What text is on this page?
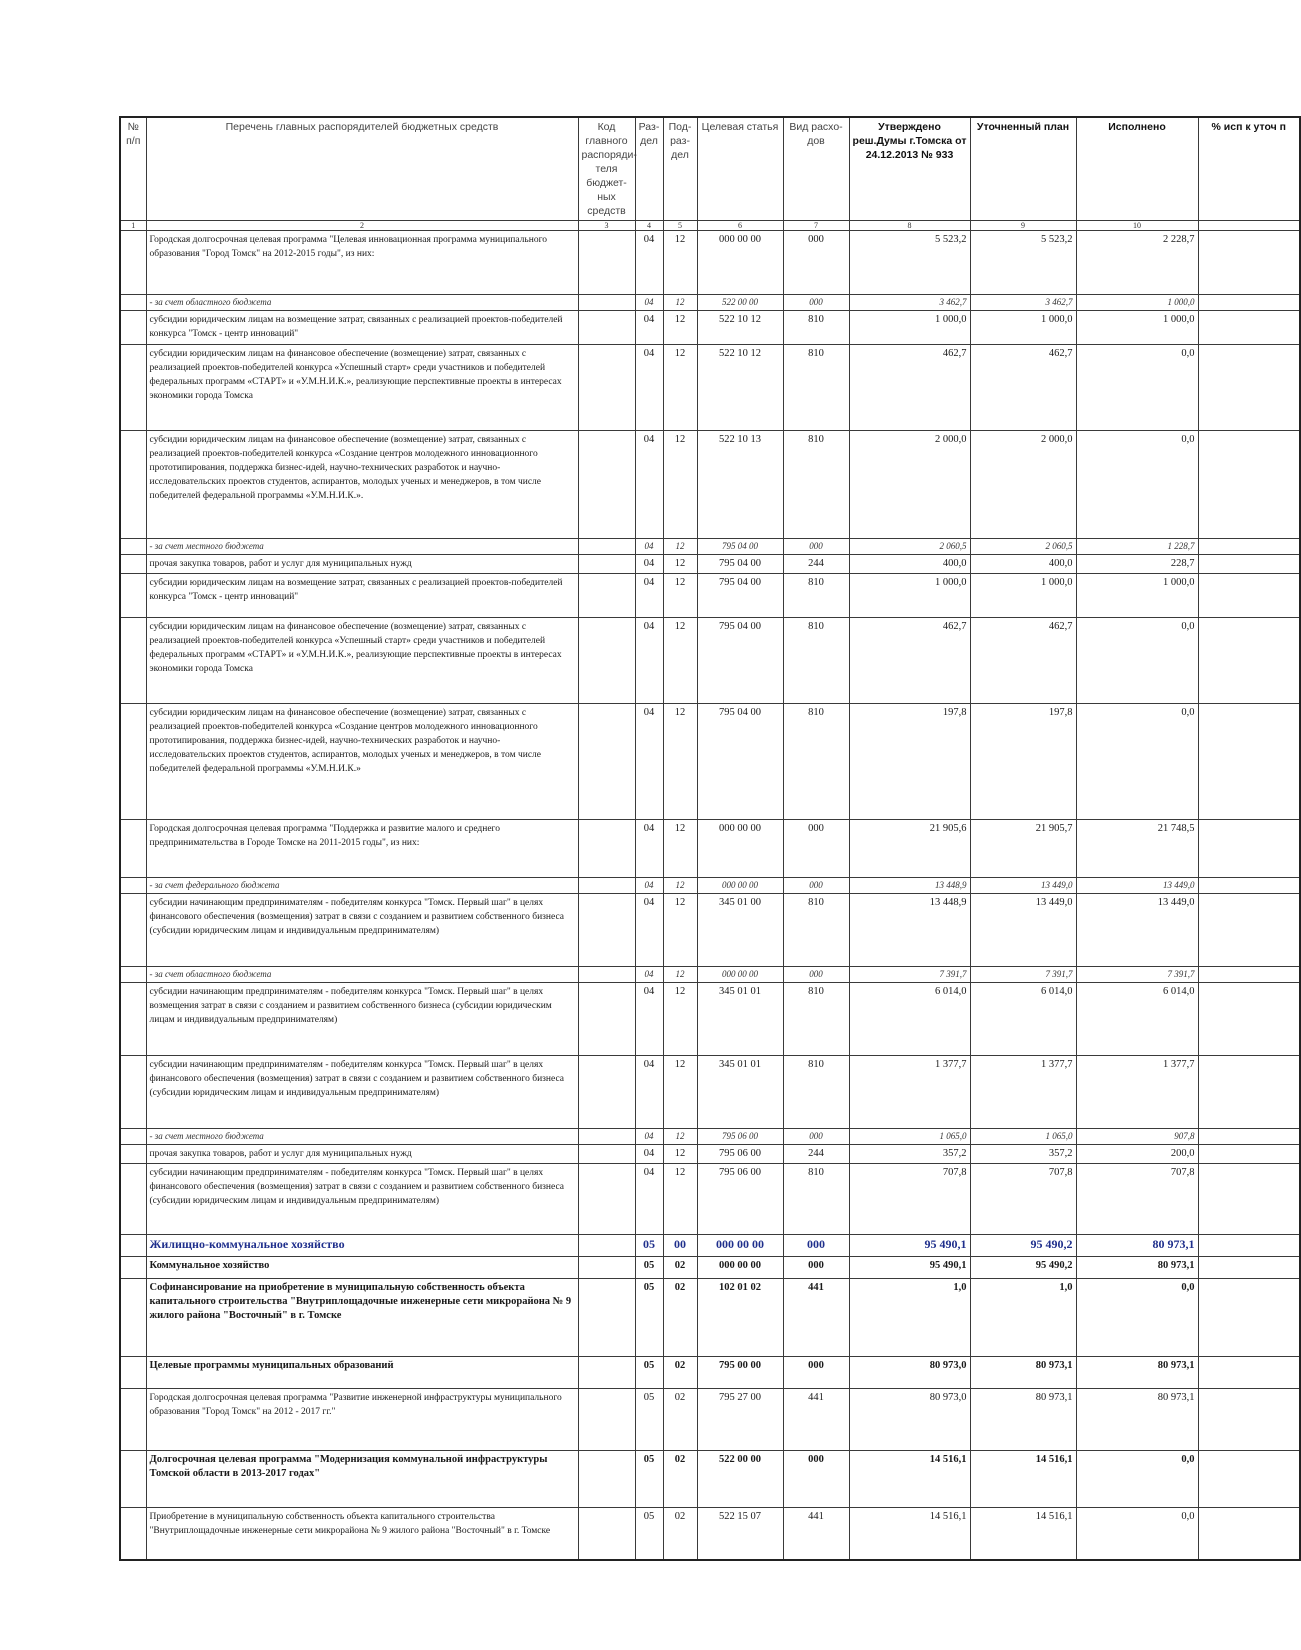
№ п/п	Перечень главных распорядителей бюджетных средств	Код главного распоряди-теля бюджет-ных средств	Раз-дел	Под-раз-дел	Целевая статья	Вид расхо-дов	Утверждено реш.Думы г.Томска от 24.12.2013 № 933	Уточненный план	Исполнено	% исп к уточ п
1	2	3	4	5	6	7	8	9	10	
	Городская долгосрочная целевая программа "Целевая инновационная программа муниципального образования "Город Томск" на 2012-2015 годы", из них:		04	12	000 00 00	000	5 523,2	5 523,2	2 228,7	
	- за счет областного бюджета		04	12	522 00 00	000	3 462,7	3 462,7	1 000,0	
	субсидии юридическим лицам на возмещение затрат, связанных с реализацией проектов-победителей конкурса "Томск - центр инноваций"		04	12	522 10 12	810	1 000,0	1 000,0	1 000,0	
	субсидии юридическим лицам на финансовое обеспечение (возмещение) затрат, связанных с реализацией проектов-победителей конкурса «Успешный старт» среди участников и победителей федеральных программ «СТАРТ» и «У.М.Н.И.К.», реализующие перспективные проекты в интересах экономики города Томска		04	12	522 10 12	810	462,7	462,7	0,0	
	субсидии юридическим лицам на финансовое обеспечение (возмещение) затрат, связанных с реализацией проектов-победителей конкурса «Создание центров молодежного инновационного прототипирования, поддержка бизнес-идей, научно-технических разработок и научно-исследовательских проектов студентов, аспирантов, молодых ученых и менеджеров, в том числе победителей федеральной программы «У.М.Н.И.К.».		04	12	522 10 13	810	2 000,0	2 000,0	0,0	
	- за счет местного бюджета		04	12	795 04 00	000	2 060,5	2 060,5	1 228,7	
	прочая закупка товаров, работ и услуг для муниципальных нужд		04	12	795 04 00	244	400,0	400,0	228,7	
	субсидии юридическим лицам на возмещение затрат, связанных с реализацией проектов-победителей конкурса "Томск - центр инноваций"		04	12	795 04 00	810	1 000,0	1 000,0	1 000,0	
	субсидии юридическим лицам на финансовое обеспечение (возмещение) затрат, связанных с реализацией проектов-победителей конкурса «Успешный старт» среди участников и победителей федеральных программ «СТАРТ» и «У.М.Н.И.К.», реализующие перспективные проекты в интересах экономики города Томска		04	12	795 04 00	810	462,7	462,7	0,0	
	субсидии юридическим лицам на финансовое обеспечение (возмещение) затрат, связанных с реализацией проектов-победителей конкурса «Создание центров молодежного инновационного прототипирования, поддержка бизнес-идей, научно-технических разработок и научно-исследовательских проектов студентов, аспирантов, молодых ученых и менеджеров, в том числе победителей федеральной программы «У.М.Н.И.К.»		04	12	795 04 00	810	197,8	197,8	0,0	
	Городская долгосрочная целевая программа "Поддержка и развитие малого и среднего предпринимательства в Городе Томске на 2011-2015 годы", из них:		04	12	000 00 00	000	21 905,6	21 905,7	21 748,5	
	- за счет федерального бюджета		04	12	000 00 00	000	13 448,9	13 449,0	13 449,0	
	субсидии начинающим предпринимателям - победителям конкурса "Томск. Первый шаг" в целях финансового обеспечения (возмещения) затрат в связи с созданием и развитием собственного бизнеса (субсидии юридическим лицам и индивидуальным предпринимателям)		04	12	345 01 00	810	13 448,9	13 449,0	13 449,0	
	- за счет областного бюджета		04	12	000 00 00	000	7 391,7	7 391,7	7 391,7	
	субсидии начинающим предпринимателям - победителям конкурса "Томск. Первый шаг" в целях возмещения затрат в связи с созданием и развитием собственного бизнеса (субсидии юридическим лицам и индивидуальным предпринимателям)		04	12	345 01 01	810	6 014,0	6 014,0	6 014,0	
	субсидии начинающим предпринимателям - победителям конкурса "Томск. Первый шаг" в целях финансового обеспечения (возмещения) затрат в связи с созданием и развитием собственного бизнеса (субсидии юридическим лицам и индивидуальным предпринимателям)		04	12	345 01 01	810	1 377,7	1 377,7	1 377,7	
	- за счет местного бюджета		04	12	795 06 00	000	1 065,0	1 065,0	907,8	
	прочая закупка товаров, работ и услуг для муниципальных нужд		04	12	795 06 00	244	357,2	357,2	200,0	
	субсидии начинающим предпринимателям - победителям конкурса "Томск. Первый шаг" в целях финансового обеспечения (возмещения) затрат в связи с созданием и развитием собственного бизнеса (субсидии юридическим лицам и индивидуальным предпринимателям)		04	12	795 06 00	810	707,8	707,8	707,8	
	Жилищно-коммунальное хозяйство		05	00	000 00 00	000	95 490,1	95 490,2	80 973,1	
	Коммунальное хозяйство		05	02	000 00 00	000	95 490,1	95 490,2	80 973,1	
	Софинансирование на приобретение в муниципальную собственность объекта капитального строительства "Внутриплощадочные инженерные сети микрорайона № 9 жилого района "Восточный" в г. Томске		05	02	102 01 02	441	1,0	1,0	0,0	
	Целевые программы муниципальных образований		05	02	795 00 00	000	80 973,0	80 973,1	80 973,1	
	Городская долгосрочная целевая программа "Развитие инженерной инфраструктуры муниципального образования "Город Томск" на 2012 - 2017 гг."		05	02	795 27 00	441	80 973,0	80 973,1	80 973,1	
	Долгосрочная целевая программа "Модернизация коммунальной инфраструктуры Томской области в 2013-2017 годах"		05	02	522 00 00	000	14 516,1	14 516,1	0,0	
	Приобретение в муниципальную собственность объекта капитального строительства "Внутриплощадочные инженерные сети микрорайона № 9 жилого района "Восточный" в г. Томске		05	02	522 15 07	441	14 516,1	14 516,1	0,0	
